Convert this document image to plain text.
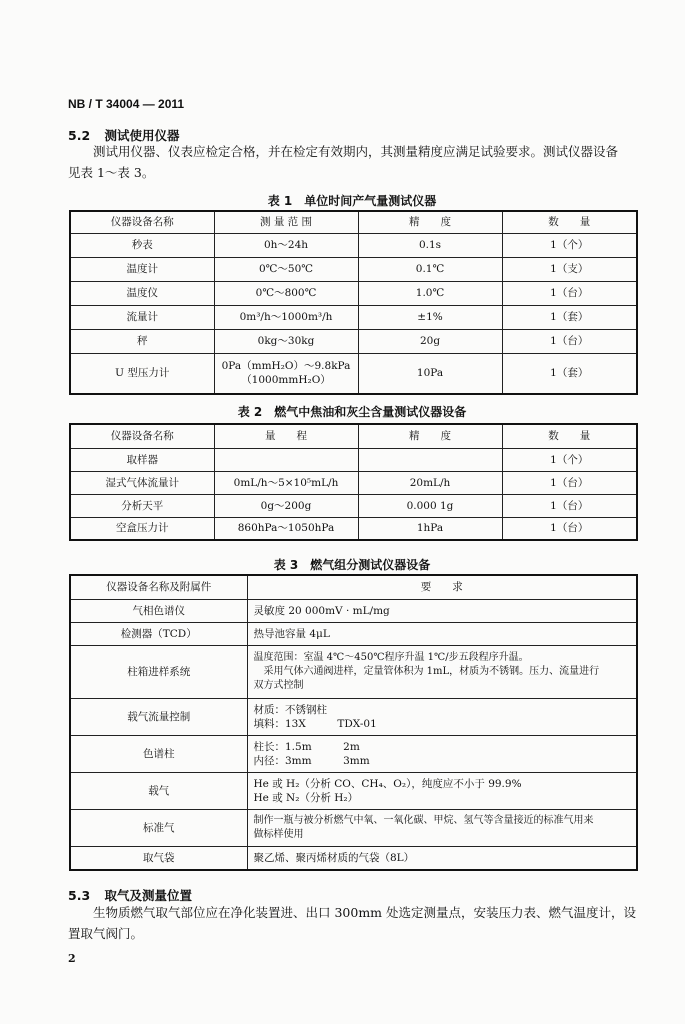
NB / T 34004 — 2011
5.2 测试使用仪器
测试用仪器、仪表应检定合格，并在检定有效期内，其测量精度应满足试验要求。测试仪器设备
见表 1～表 3。
表 1　单位时间产气量测试仪器
仪器设备名称	测 量 范 围	精　　度	数　　量
秒表	0h～24h	0.1s	1（个）
温度计	0℃～50℃	0.1℃	1（支）
温度仪	0℃～800℃	1.0℃	1（台）
流量计	0m³/h～1000m³/h	±1%	1（套）
秤	0kg～30kg	20g	1（台）
U 型压力计	0Pa（mmH₂O）～9.8kPa
（1000mmH₂O）	10Pa	1（套）
表 2　燃气中焦油和灰尘含量测试仪器设备
仪器设备名称	量　　程	精　　度	数　　量
取样器			1（个）
湿式气体流量计	0mL/h～5×10⁵mL/h	20mL/h	1（台）
分析天平	0g～200g	0.000 1g	1（台）
空盒压力计	860hPa～1050hPa	1hPa	1（台）
表 3　燃气组分测试仪器设备
仪器设备名称及附属件	要　　求
气相色谱仪	灵敏度 20 000mV · mL/mg
检测器（TCD）	热导池容量 4μL
柱箱进样系统	温度范围：室温 4℃～450℃程序升温 1℃/步五段程序升温。
　采用气体六通阀进样，定量管体积为 1mL，材质为不锈钢。压力、流量进行
双方式控制
载气流量控制	材质：不锈钢柱
填料：13X　　　TDX-01
色谱柱	柱长：1.5m　　　2m
内径：3mm　　　3mm
载气	He 或 H₂（分析 CO、CH₄、O₂），纯度应不小于 99.9%
He 或 N₂（分析 H₂）
标准气	制作一瓶与被分析燃气中氧、一氧化碳、甲烷、氢气等含量接近的标准气用来
做标样使用
取气袋	聚乙烯、聚丙烯材质的气袋（8L）
5.3 取气及测量位置
生物质燃气取气部位应在净化装置进、出口 300mm 处选定测量点，安装压力表、燃气温度计，设
置取气阀门。
2
